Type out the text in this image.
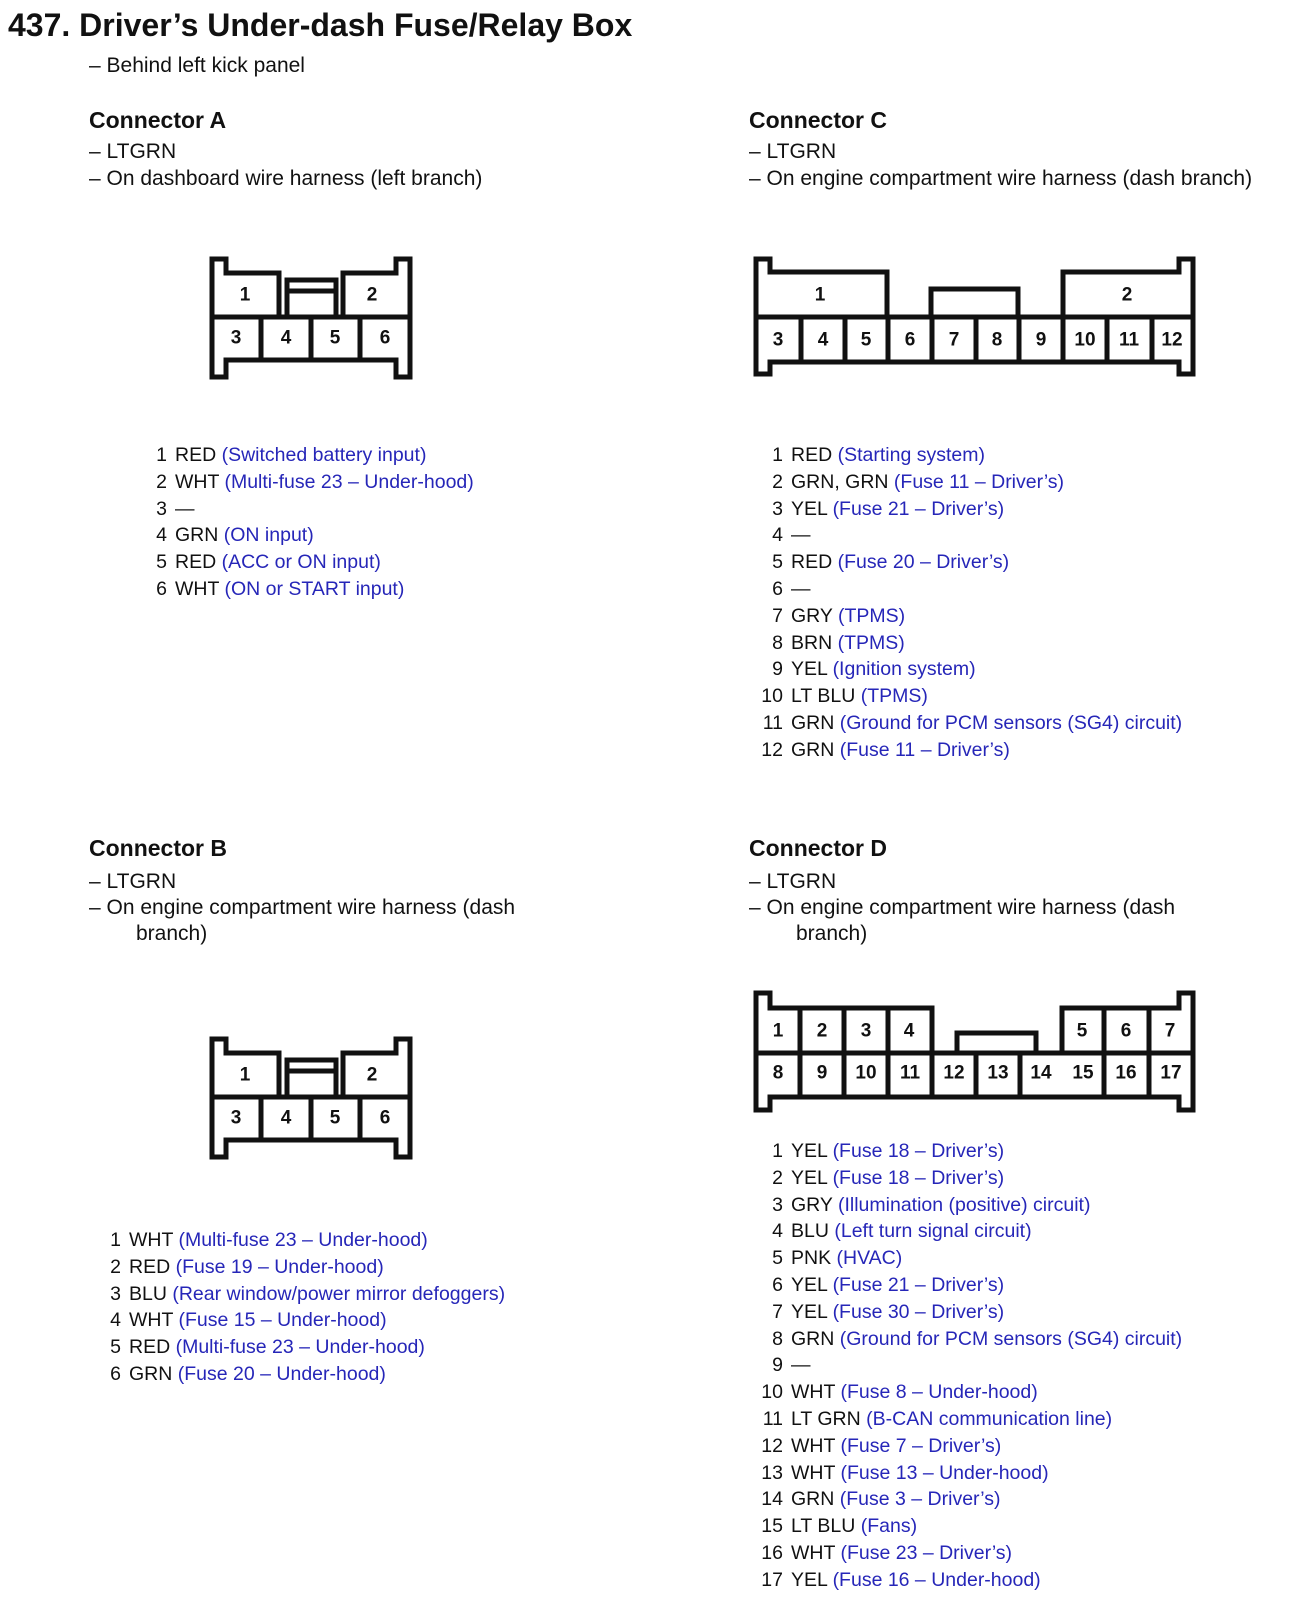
437. Driver’s Under-dash Fuse/Relay Box
– Behind left kick panel
Connector A
– LTGRN
– On dashboard wire harness (left branch)
Connector C
– LTGRN
– On engine compartment wire harness (dash branch)
Connector B
– LTGRN
– On engine compartment wire harness (dash
branch)
Connector D
– LTGRN
– On engine compartment wire harness (dash
branch)
1	2
3 4 5 6
1	2
3 4 5 6
1	2
3 4 5 6 7 8 9 10 11 12
1 2 3 4	5 6 7
8 9 10 11 12 13 14 15 16 17
1 RED (Switched battery input)
2 WHT (Multi-fuse 23 – Under-hood)
3 —
4 GRN (ON input)
5 RED (ACC or ON input)
6 WHT (ON or START input)
1 RED (Starting system)
2 GRN, GRN (Fuse 11 – Driver’s)
3 YEL (Fuse 21 – Driver’s)
4 —
5 RED (Fuse 20 – Driver’s)
6 —
7 GRY (TPMS)
8 BRN (TPMS)
9 YEL (Ignition system)
10 LT BLU (TPMS)
11 GRN (Ground for PCM sensors (SG4) circuit)
12 GRN (Fuse 11 – Driver’s)
1 WHT (Multi-fuse 23 – Under-hood)
2 RED (Fuse 19 – Under-hood)
3 BLU (Rear window/power mirror defoggers)
4 WHT (Fuse 15 – Under-hood)
5 RED (Multi-fuse 23 – Under-hood)
6 GRN (Fuse 20 – Under-hood)
1 YEL (Fuse 18 – Driver’s)
2 YEL (Fuse 18 – Driver’s)
3 GRY (Illumination (positive) circuit)
4 BLU (Left turn signal circuit)
5 PNK (HVAC)
6 YEL (Fuse 21 – Driver’s)
7 YEL (Fuse 30 – Driver’s)
8 GRN (Ground for PCM sensors (SG4) circuit)
9 —
10 WHT (Fuse 8 – Under-hood)
11 LT GRN (B-CAN communication line)
12 WHT (Fuse 7 – Driver’s)
13 WHT (Fuse 13 – Under-hood)
14 GRN (Fuse 3 – Driver’s)
15 LT BLU (Fans)
16 WHT (Fuse 23 – Driver’s)
17 YEL (Fuse 16 – Under-hood)
